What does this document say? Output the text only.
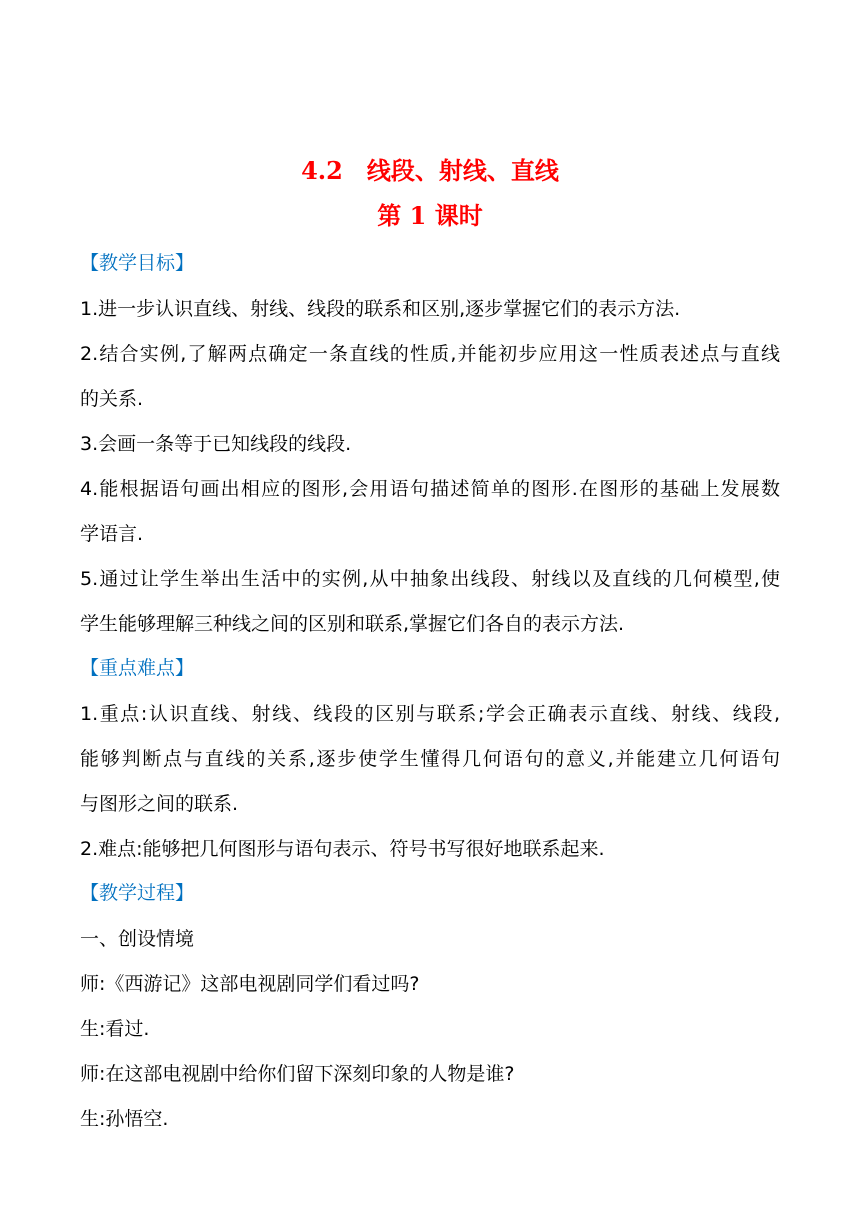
4.2　线段、射线、直线
第 1 课时
【教学目标】
1.进一步认识直线、射线、线段的联系和区别,逐步掌握它们的表示方法.
2.结合实例,了解两点确定一条直线的性质,并能初步应用这一性质表述点与直线
的关系.
3.会画一条等于已知线段的线段.
4.能根据语句画出相应的图形,会用语句描述简单的图形.在图形的基础上发展数
学语言.
5.通过让学生举出生活中的实例,从中抽象出线段、射线以及直线的几何模型,使
学生能够理解三种线之间的区别和联系,掌握它们各自的表示方法.
【重点难点】
1.重点:认识直线、射线、线段的区别与联系;学会正确表示直线、射线、线段,
能够判断点与直线的关系,逐步使学生懂得几何语句的意义,并能建立几何语句
与图形之间的联系.
2.难点:能够把几何图形与语句表示、符号书写很好地联系起来.
【教学过程】
一、创设情境
师:《西游记》这部电视剧同学们看过吗?
生:看过.
师:在这部电视剧中给你们留下深刻印象的人物是谁?
生:孙悟空.
